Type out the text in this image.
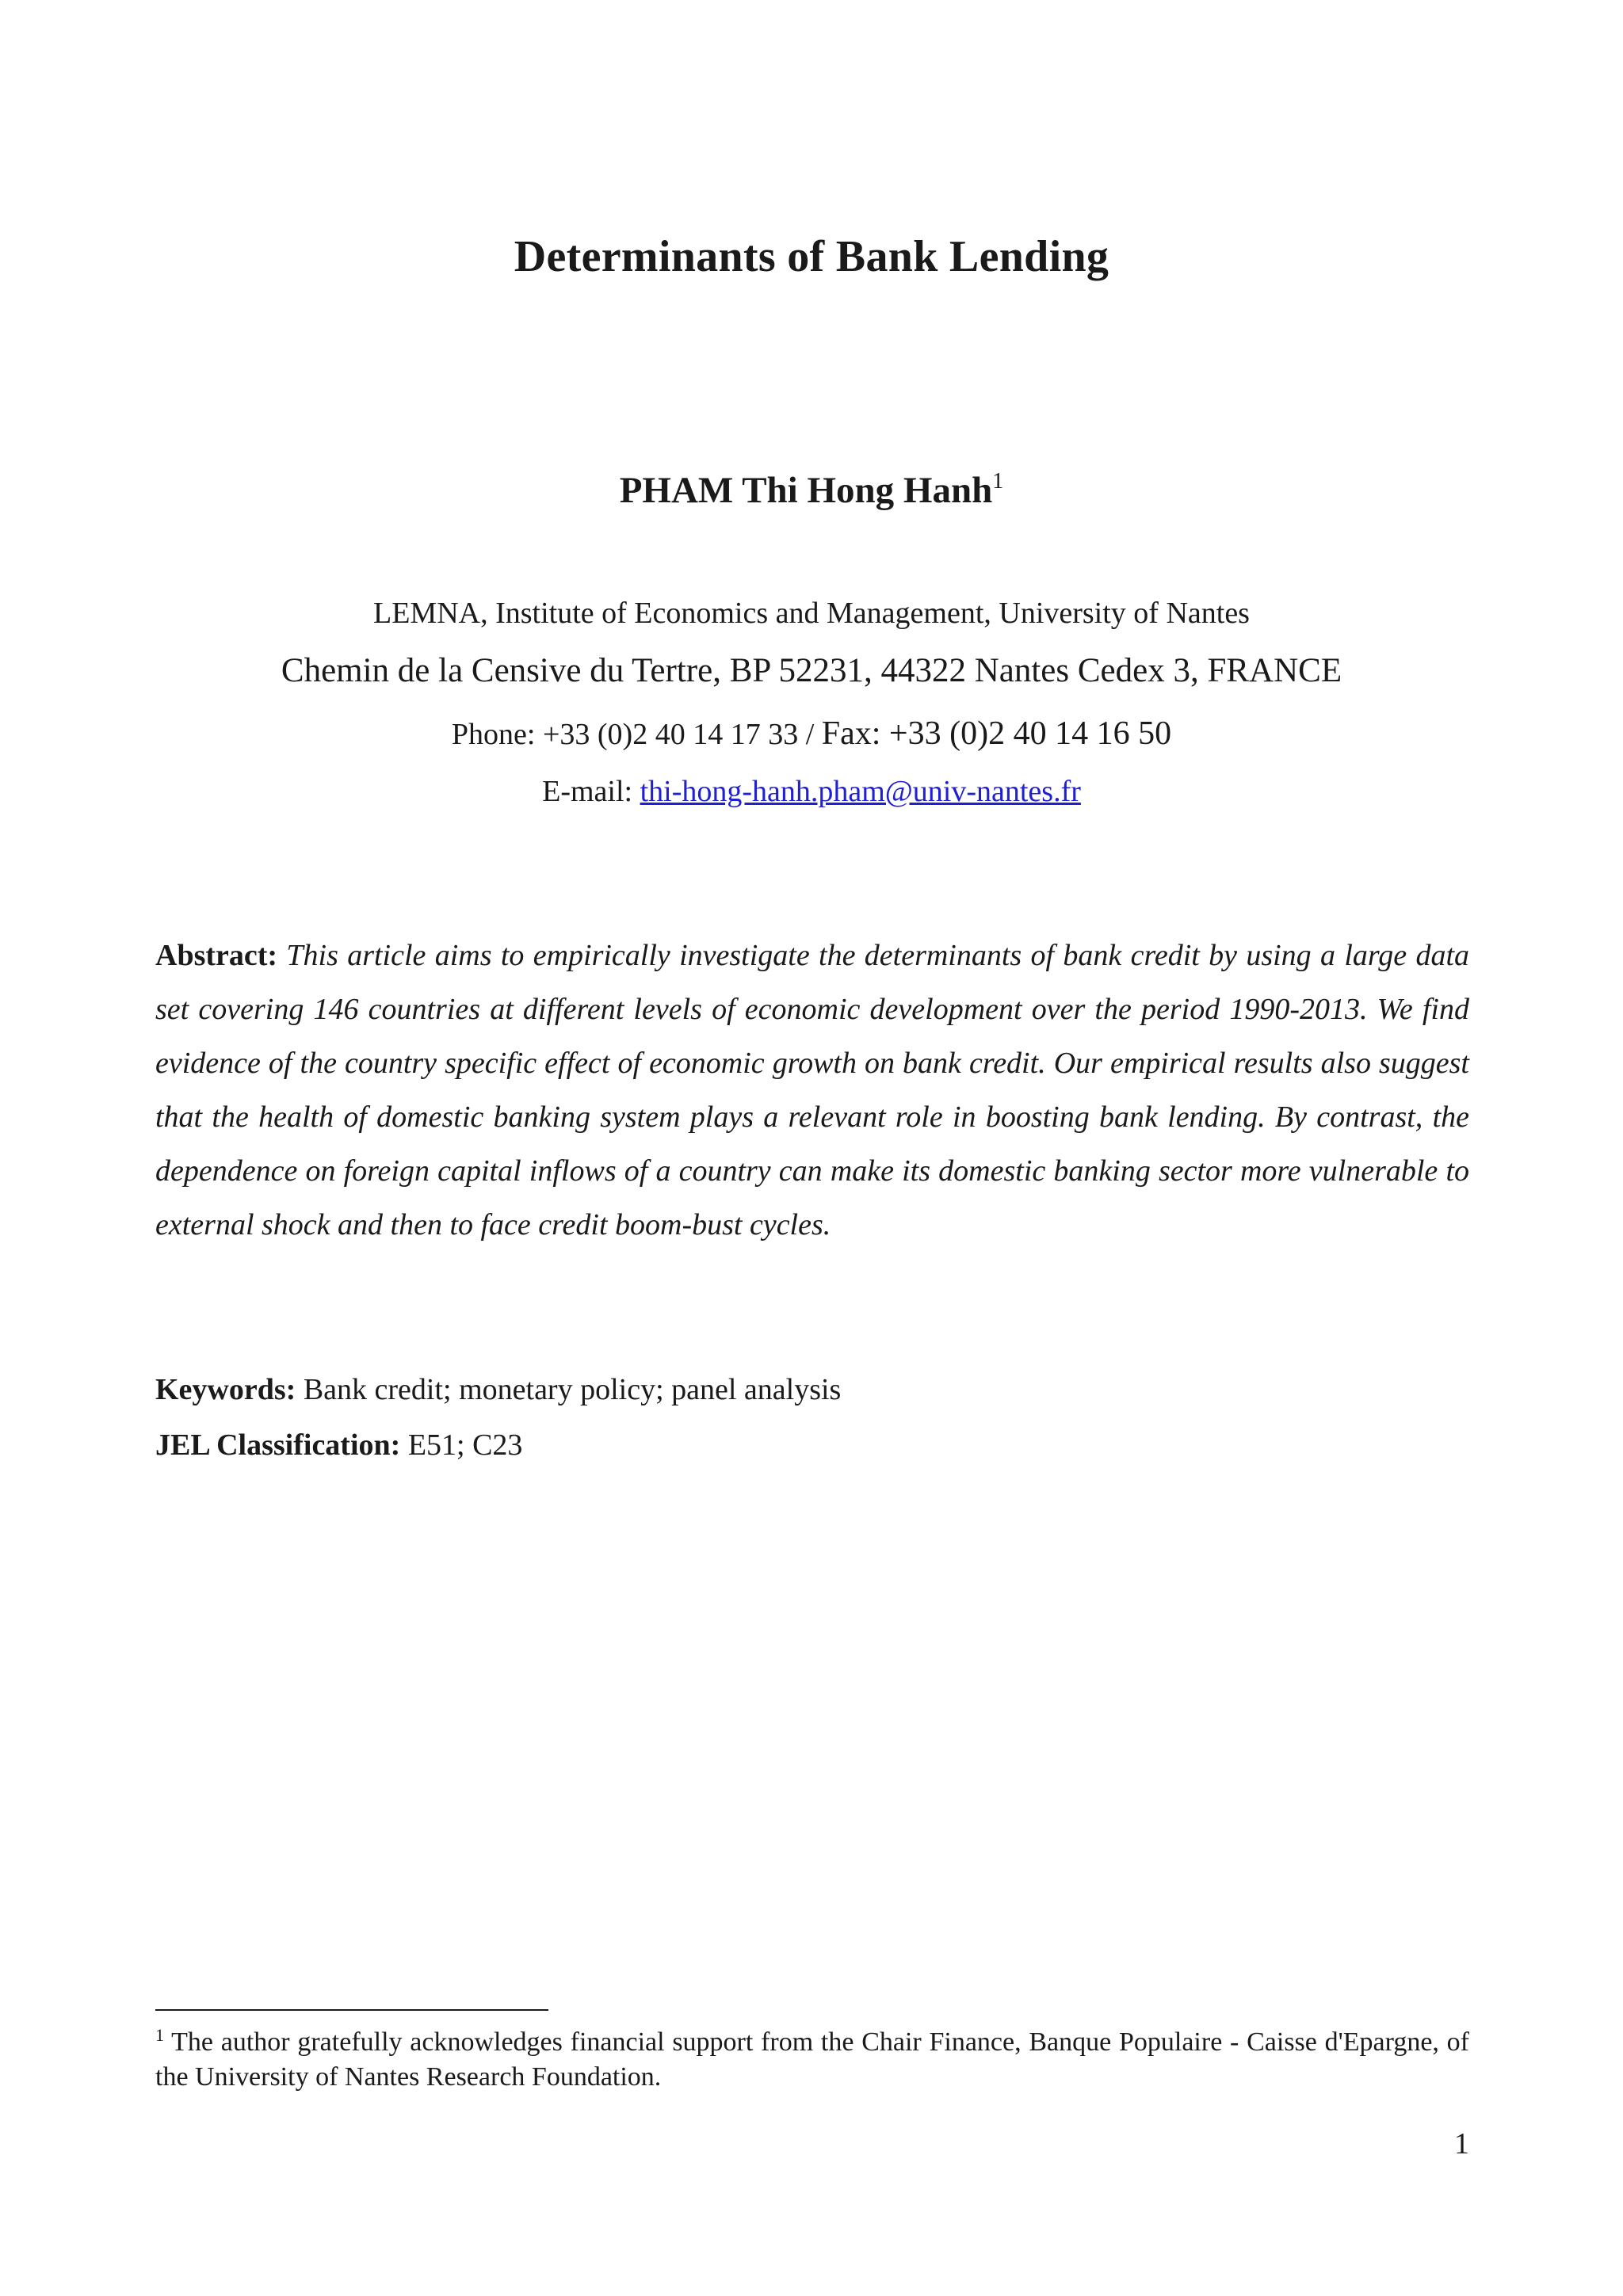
Determinants of Bank Lending
PHAM Thi Hong Hanh$^1$
LEMNA, Institute of Economics and Management, University of Nantes
Chemin de la Censive du Tertre, BP 52231, 44322 Nantes Cedex 3, FRANCE
Phone: +33 (0)2 40 14 17 33 / Fax: +33 (0)2 40 14 16 50
E-mail: thi-hong-hanh.pham@univ-nantes.fr
Abstract: This article aims to empirically investigate the determinants of bank credit by using a large data set covering 146 countries at different levels of economic development over the period 1990-2013. We find evidence of the country specific effect of economic growth on bank credit. Our empirical results also suggest that the health of domestic banking system plays a relevant role in boosting bank lending. By contrast, the dependence on foreign capital inflows of a country can make its domestic banking sector more vulnerable to external shock and then to face credit boom-bust cycles.
Keywords: Bank credit; monetary policy; panel analysis
JEL Classification: E51; C23
$^1$ The author gratefully acknowledges financial support from the Chair Finance, Banque Populaire - Caisse d'Epargne, of the University of Nantes Research Foundation.
1
